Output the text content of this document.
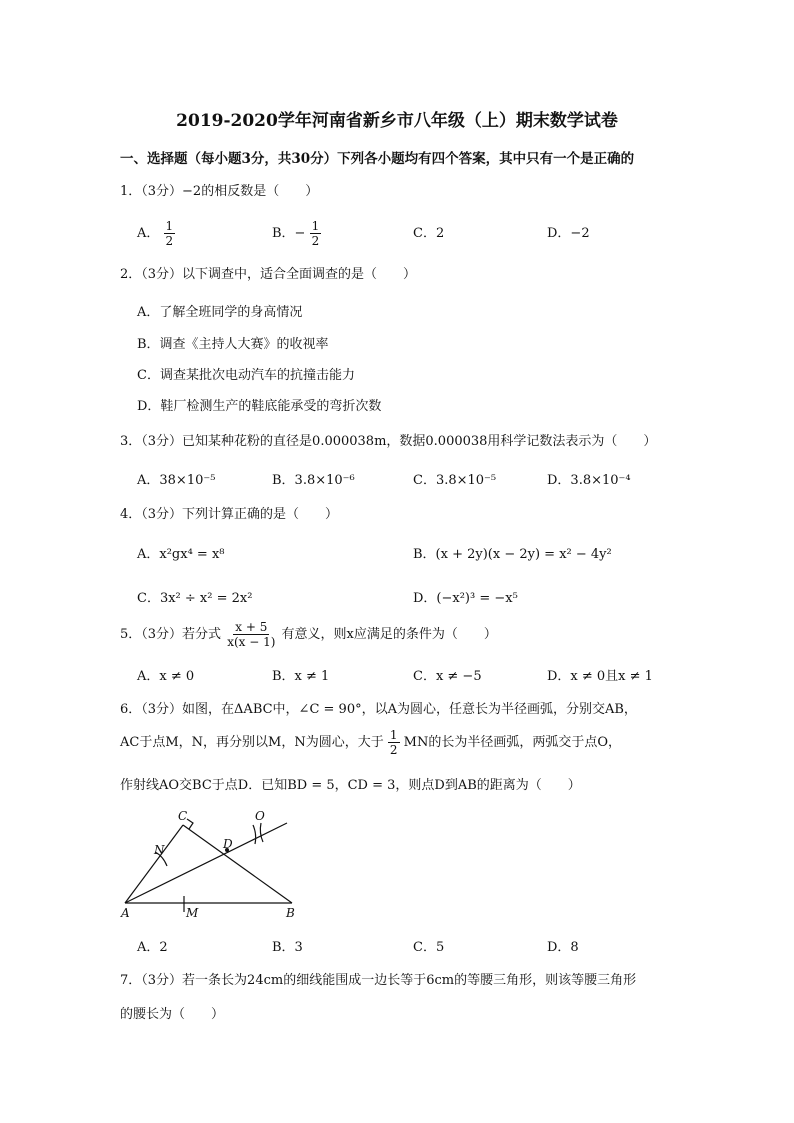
2019-2020学年河南省新乡市八年级（上）期末数学试卷
一、选择题（每小题3分，共30分）下列各小题均有四个答案，其中只有一个是正确的
1．（3分）−2的相反数是（　　）
A． $\frac{1}{2}$	B．− $\frac{1}{2}$	C．2	D．−2
2．（3分）以下调查中，适合全面调查的是（　　）
A．了解全班同学的身高情况
B．调查《主持人大赛》的收视率
C．调查某批次电动汽车的抗撞击能力
D．鞋厂检测生产的鞋底能承受的弯折次数
3．（3分）已知某种花粉的直径是0.000038m，数据0.000038用科学记数法表示为（　　）
A．38×10⁻⁵	B．3.8×10⁻⁶	C．3.8×10⁻⁵	D．3.8×10⁻⁴
4．（3分）下列计算正确的是（　　）
A．x²gx⁴ = x⁸	B．(x + 2y)(x − 2y) = x² − 4y²
C．3x² ÷ x² = 2x²	D．(−x²)³ = −x⁵
5．（3分）若分式 $\frac{x + 5}{x(x - 1)}$ 有意义，则x应满足的条件为（　　）
A．x ≠ 0	B．x ≠ 1	C．x ≠ −5	D．x ≠ 0且x ≠ 1
6．（3分）如图，在ΔABC中，∠C = 90°，以A为圆心，任意长为半径画弧，分别交AB，
AC于点M，N，再分别以M，N为圆心，大于 $\frac{1}{2}$ MN的长为半径画弧，两弧交于点O，
作射线AO交BC于点D．已知BD = 5，CD = 3，则点D到AB的距离为（　　）
C	O
N	D
A	M	B
A．2	B．3	C．5	D．8
7．（3分）若一条长为24cm的细线能围成一边长等于6cm的等腰三角形，则该等腰三角形
的腰长为（　　）
